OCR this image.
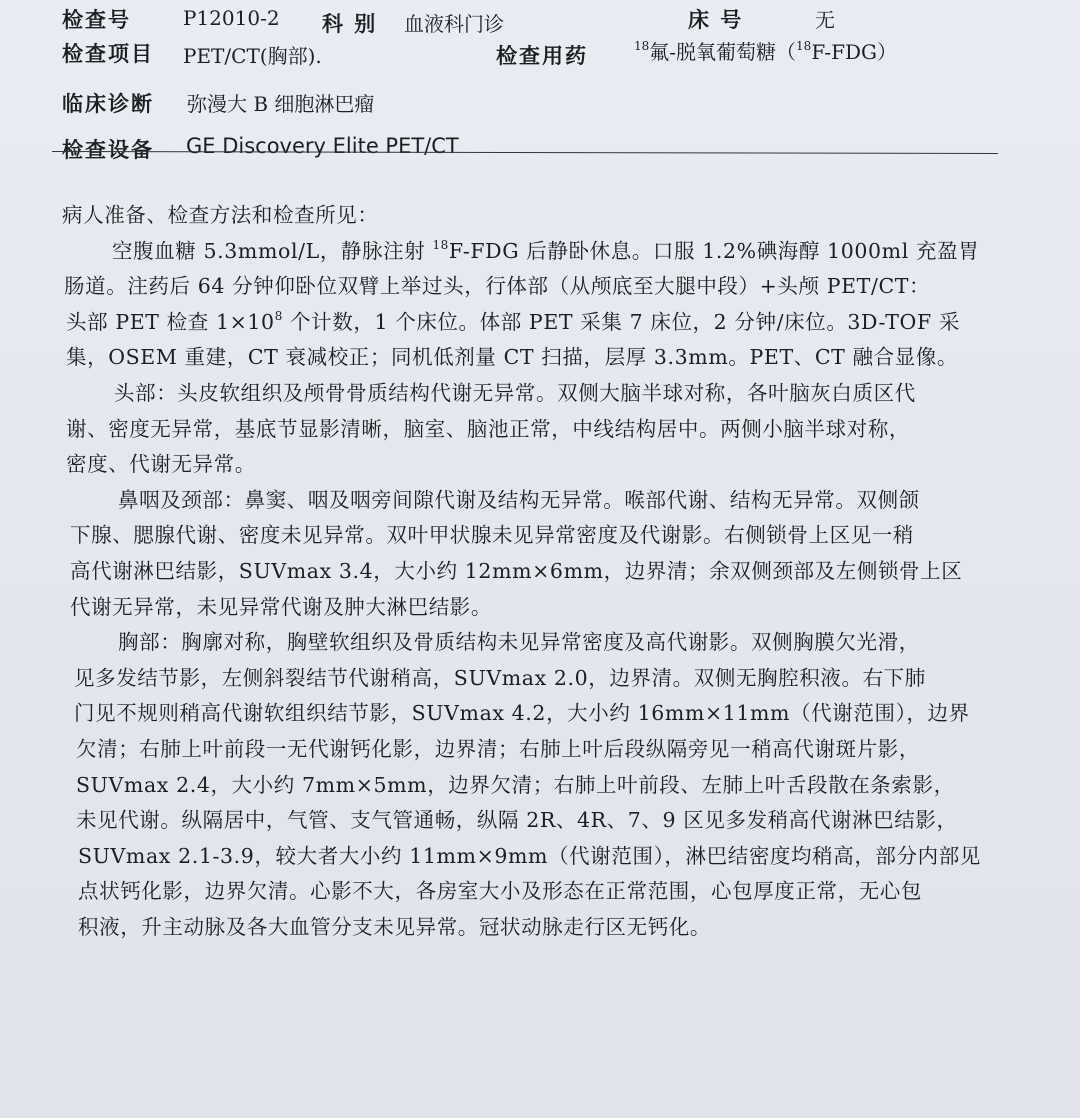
检查号	P12010-2 科 别 血液科门诊	床 号	无
检查项目 PET/CT(胸部).	检查用药	$^{18}$氟-脱氧葡萄糖（$^{18}$F-FDG）
临床诊断 弥漫大 B 细胞淋巴瘤
检查设备 GE Discovery Elite PET/CT
病人准备、检查方法和检查所见：
空腹血糖 5.3mmol/L，静脉注射 $^{18}$F-FDG 后静卧休息。口服 1.2%碘海醇 1000ml 充盈胃
肠道。注药后 64 分钟仰卧位双臂上举过头，行体部（从颅底至大腿中段）+头颅 PET/CT：
头部 PET 检查 $1\times 10^8$ 个计数，1 个床位。体部 PET 采集 7 床位，2 分钟/床位。3D-TOF 采
集，OSEM 重建，CT 衰减校正；同机低剂量 CT 扫描，层厚 3.3mm。PET、CT 融合显像。
头部：头皮软组织及颅骨骨质结构代谢无异常。双侧大脑半球对称，各叶脑灰白质区代
谢、密度无异常，基底节显影清晰，脑室、脑池正常，中线结构居中。两侧小脑半球对称，
密度、代谢无异常。
鼻咽及颈部：鼻窦、咽及咽旁间隙代谢及结构无异常。喉部代谢、结构无异常。双侧颌
下腺、腮腺代谢、密度未见异常。双叶甲状腺未见异常密度及代谢影。右侧锁骨上区见一稍
高代谢淋巴结影，SUVmax 3.4，大小约 12mm×6mm，边界清；余双侧颈部及左侧锁骨上区
代谢无异常，未见异常代谢及肿大淋巴结影。
胸部：胸廓对称，胸壁软组织及骨质结构未见异常密度及高代谢影。双侧胸膜欠光滑，
见多发结节影，左侧斜裂结节代谢稍高，SUVmax 2.0，边界清。双侧无胸腔积液。右下肺
门见不规则稍高代谢软组织结节影，SUVmax 4.2，大小约 16mm×11mm（代谢范围），边界
欠清；右肺上叶前段一无代谢钙化影，边界清；右肺上叶后段纵隔旁见一稍高代谢斑片影，
SUVmax 2.4，大小约 7mm×5mm，边界欠清；右肺上叶前段、左肺上叶舌段散在条索影，
未见代谢。纵隔居中，气管、支气管通畅，纵隔 2R、4R、7、9 区见多发稍高代谢淋巴结影，
SUVmax 2.1-3.9，较大者大小约 11mm×9mm（代谢范围），淋巴结密度均稍高，部分内部见
点状钙化影，边界欠清。心影不大，各房室大小及形态在正常范围，心包厚度正常，无心包
积液，升主动脉及各大血管分支未见异常。冠状动脉走行区无钙化。
